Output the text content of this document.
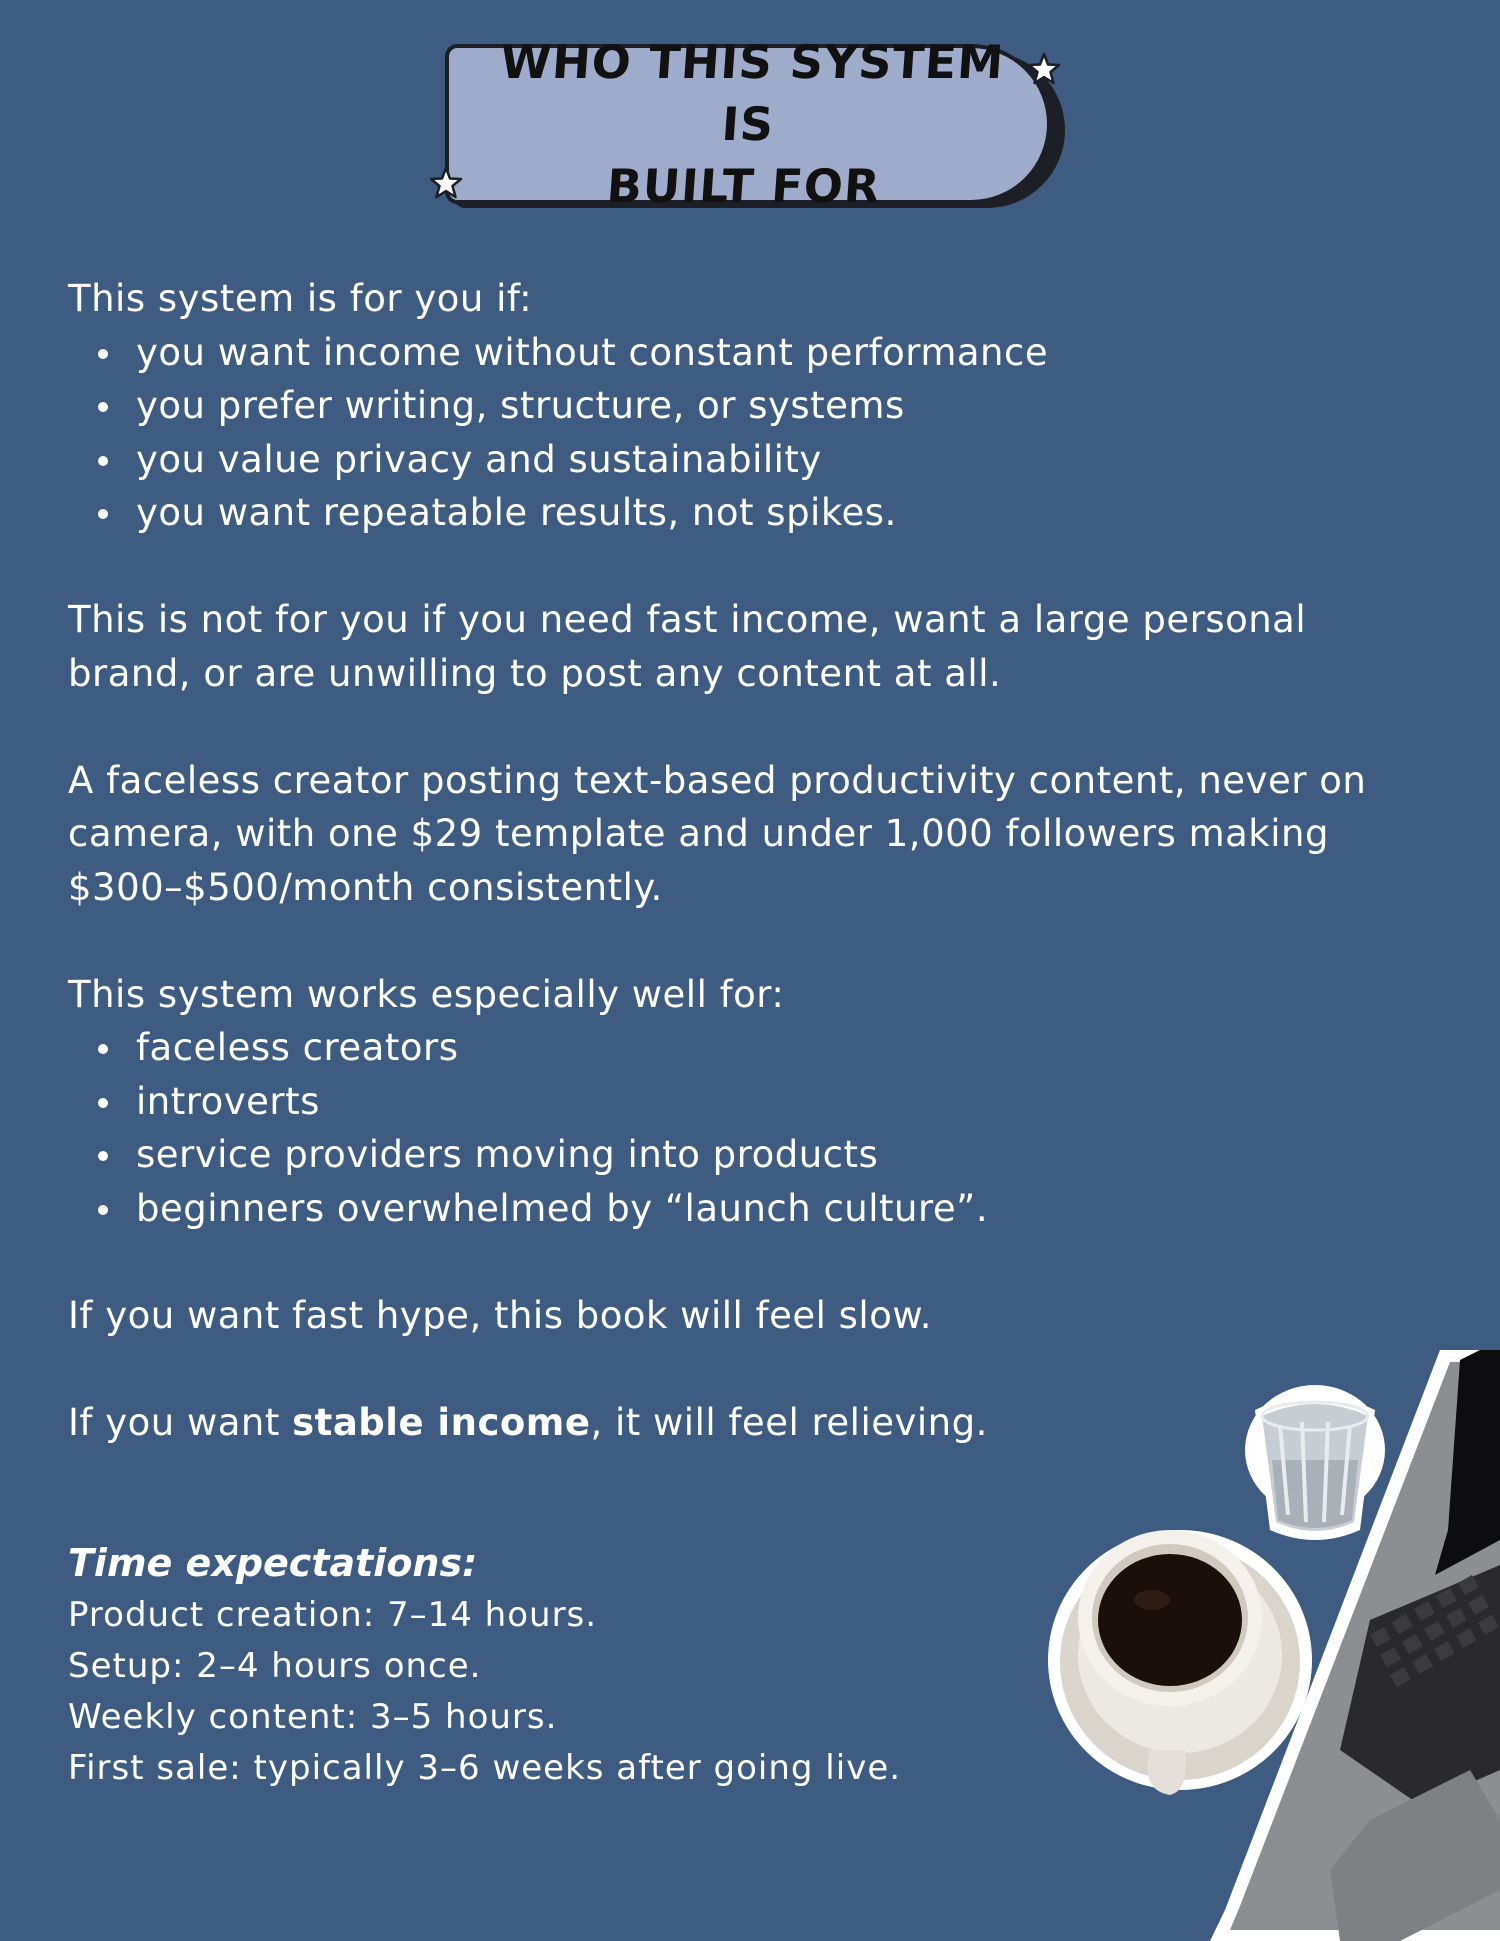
WHO THIS SYSTEM IS
BUILT FOR

This system is for you if:

you want income without constant performance
you prefer writing, structure, or systems
you value privacy and sustainability
you want repeatable results, not spikes.

This is not for you if you need fast income, want a large personal brand, or are unwilling to post any content at all.

A faceless creator posting text-based productivity content, never on camera, with one $29 template and under 1,000 followers making $300–$500/month consistently.

This system works especially well for:

faceless creators
introverts
service providers moving into products
beginners overwhelmed by “launch culture”.

If you want fast hype, this book will feel slow.

If you want stable income, it will feel relieving.

Time expectations:

Product creation: 7–14 hours.

Setup: 2–4 hours once.

Weekly content: 3–5 hours.

First sale: typically 3–6 weeks after going live.
